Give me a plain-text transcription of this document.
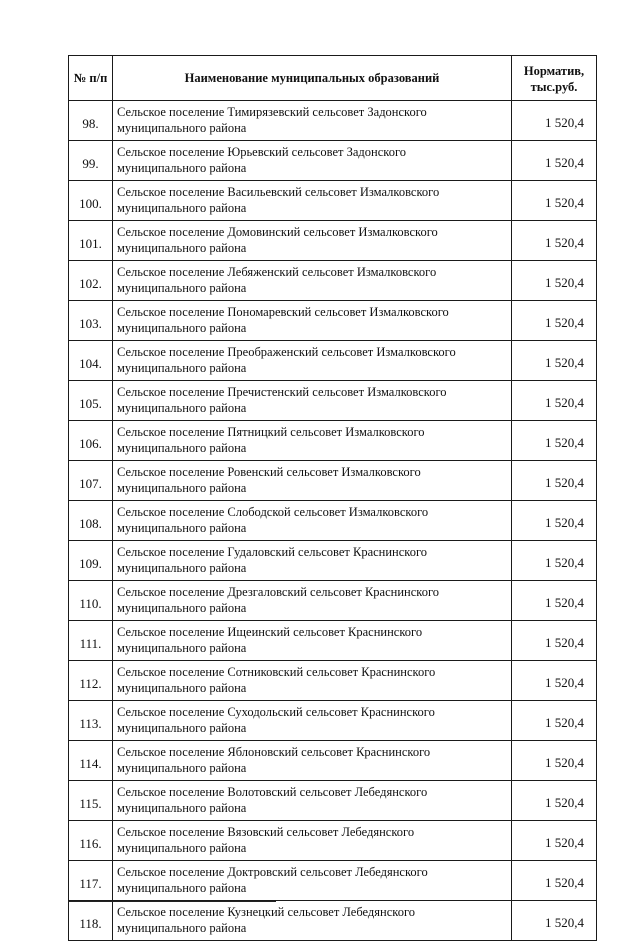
№ п/п	Наименование муниципальных образований	Норматив,
тыс.руб.
98.	Сельское поселение Тимирязевский сельсовет Задонского
муниципального района	1 520,4
99.	Сельское поселение Юрьевский сельсовет Задонского
муниципального района	1 520,4
100.	Сельское поселение Васильевский сельсовет Измалковского
муниципального района	1 520,4
101.	Сельское поселение Домовинский сельсовет Измалковского
муниципального района	1 520,4
102.	Сельское поселение Лебяженский сельсовет Измалковского
муниципального района	1 520,4
103.	Сельское поселение Пономаревский сельсовет Измалковского
муниципального района	1 520,4
104.	Сельское поселение Преображенский сельсовет Измалковского
муниципального района	1 520,4
105.	Сельское поселение Пречистенский сельсовет Измалковского
муниципального района	1 520,4
106.	Сельское поселение Пятницкий сельсовет Измалковского
муниципального района	1 520,4
107.	Сельское поселение Ровенский сельсовет Измалковского
муниципального района	1 520,4
108.	Сельское поселение Слободской сельсовет Измалковского
муниципального района	1 520,4
109.	Сельское поселение Гудаловский сельсовет Краснинского
муниципального района	1 520,4
110.	Сельское поселение Дрезгаловский сельсовет Краснинского
муниципального района	1 520,4
111.	Сельское поселение Ищеинский сельсовет Краснинского
муниципального района	1 520,4
112.	Сельское поселение Сотниковский сельсовет Краснинского
муниципального района	1 520,4
113.	Сельское поселение Суходольский сельсовет Краснинского
муниципального района	1 520,4
114.	Сельское поселение Яблоновский сельсовет Краснинского
муниципального района	1 520,4
115.	Сельское поселение Волотовский сельсовет Лебедянского
муниципального района	1 520,4
116.	Сельское поселение Вязовский сельсовет Лебедянского
муниципального района	1 520,4
117.	Сельское поселение Доктровский сельсовет Лебедянского
муниципального района	1 520,4
118.	Сельское поселение Кузнецкий сельсовет Лебедянского
муниципального района	1 520,4
